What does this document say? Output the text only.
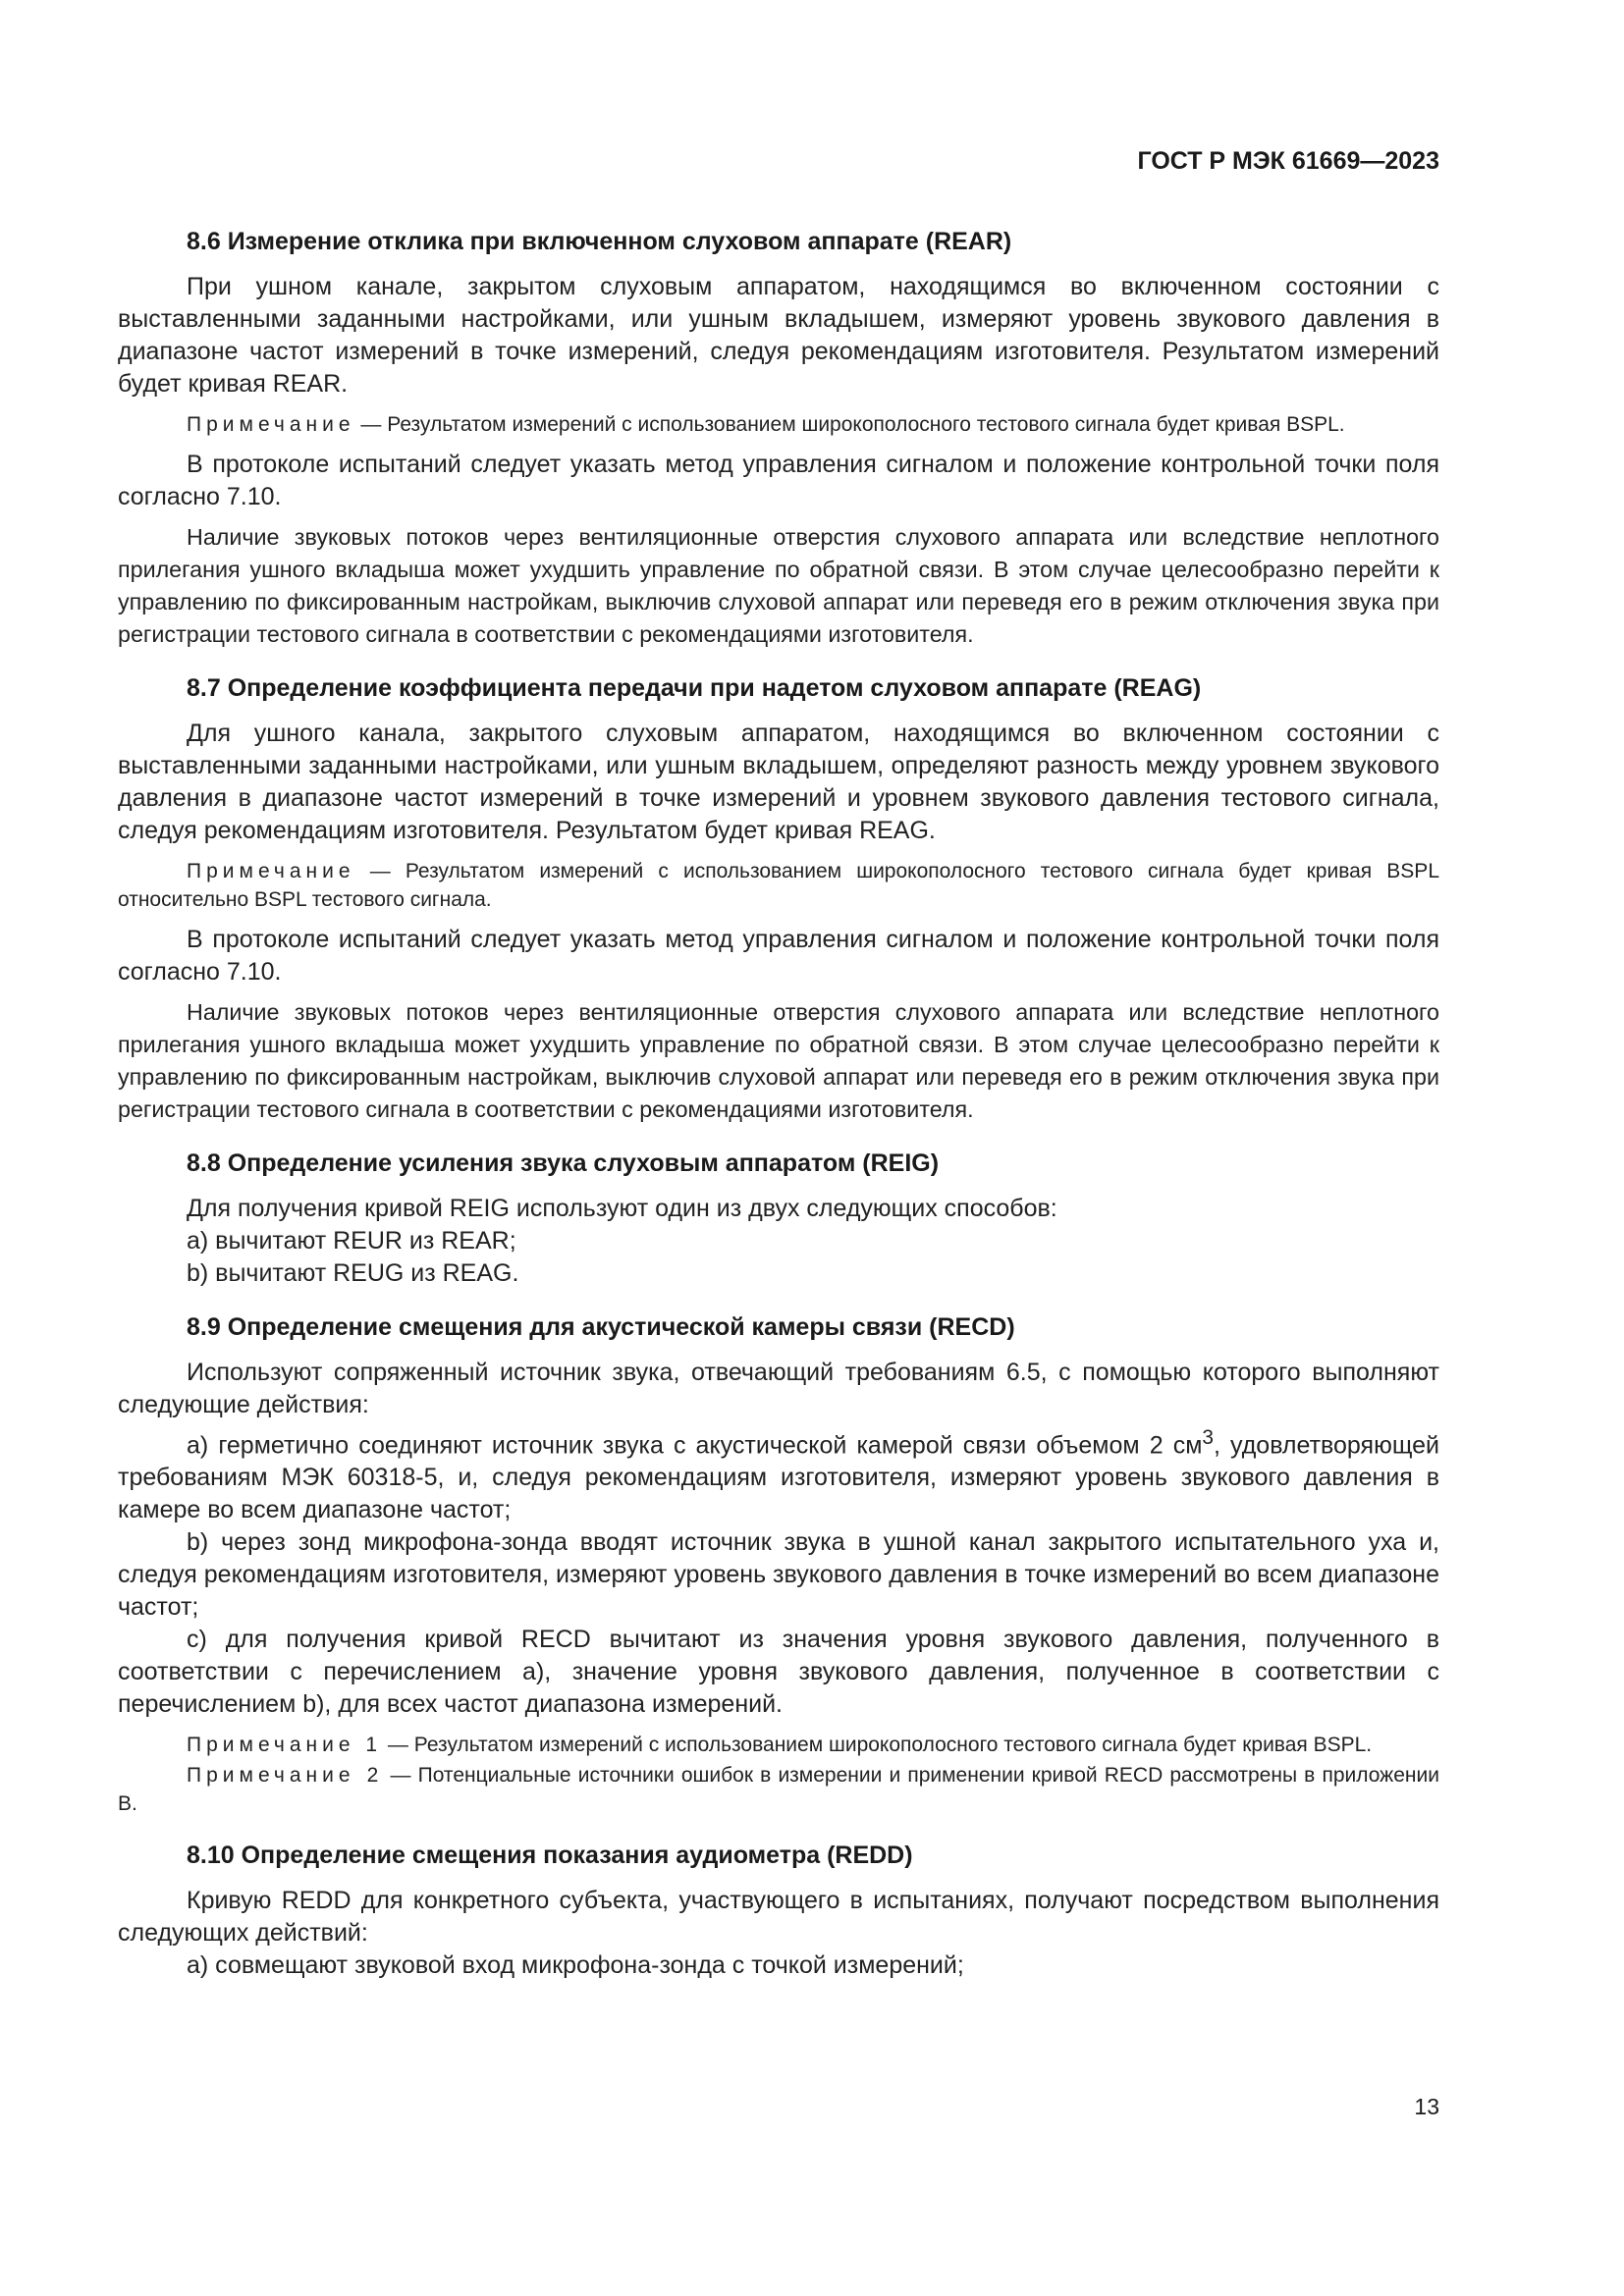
ГОСТ Р МЭК 61669—2023
8.6 Измерение отклика при включенном слуховом аппарате (REAR)

При ушном канале, закрытом слуховым аппаратом, находящимся во включенном состоянии с выставленными заданными настройками, или ушным вкладышем, измеряют уровень звукового давления в диапазоне частот измерений в точке измерений, следуя рекомендациям изготовителя. Результатом измерений будет кривая REAR.

Примечание — Результатом измерений с использованием широкополосного тестового сигнала будет кривая BSPL.

В протоколе испытаний следует указать метод управления сигналом и положение контрольной точки поля согласно 7.10.

Наличие звуковых потоков через вентиляционные отверстия слухового аппарата или вследствие неплотного прилегания ушного вкладыша может ухудшить управление по обратной связи. В этом случае целесообразно перейти к управлению по фиксированным настройкам, выключив слуховой аппарат или переведя его в режим отключения звука при регистрации тестового сигнала в соответствии с рекомендациями изготовителя.

8.7 Определение коэффициента передачи при надетом слуховом аппарате (REAG)

Для ушного канала, закрытого слуховым аппаратом, находящимся во включенном состоянии с выставленными заданными настройками, или ушным вкладышем, определяют разность между уровнем звукового давления в диапазоне частот измерений в точке измерений и уровнем звукового давления тестового сигнала, следуя рекомендациям изготовителя. Результатом будет кривая REAG.

Примечание — Результатом измерений с использованием широкополосного тестового сигнала будет кривая BSPL относительно BSPL тестового сигнала.

В протоколе испытаний следует указать метод управления сигналом и положение контрольной точки поля согласно 7.10.

Наличие звуковых потоков через вентиляционные отверстия слухового аппарата или вследствие неплотного прилегания ушного вкладыша может ухудшить управление по обратной связи. В этом случае целесообразно перейти к управлению по фиксированным настройкам, выключив слуховой аппарат или переведя его в режим отключения звука при регистрации тестового сигнала в соответствии с рекомендациями изготовителя.

8.8 Определение усиления звука слуховым аппаратом (REIG)

Для получения кривой REIG используют один из двух следующих способов:

a) вычитают REUR из REAR;

b) вычитают REUG из REAG.

8.9 Определение смещения для акустической камеры связи (RECD)

Используют сопряженный источник звука, отвечающий требованиям 6.5, с помощью которого выполняют следующие действия:

a) герметично соединяют источник звука с акустической камерой связи объемом 2 $см^3$, удовлетворяющей требованиям МЭК 60318-5, и, следуя рекомендациям изготовителя, измеряют уровень звукового давления в камере во всем диапазоне частот;

b) через зонд микрофона-зонда вводят источник звука в ушной канал закрытого испытательного уха и, следуя рекомендациям изготовителя, измеряют уровень звукового давления в точке измерений во всем диапазоне частот;

c) для получения кривой RECD вычитают из значения уровня звукового давления, полученного в соответствии с перечислением а), значение уровня звукового давления, полученное в соответствии с перечислением b), для всех частот диапазона измерений.

Примечание 1 — Результатом измерений с использованием широкополосного тестового сигнала будет кривая BSPL.
Примечание 2 — Потенциальные источники ошибок в измерении и применении кривой RECD рассмотрены в приложении B.
8.10 Определение смещения показания аудиометра (REDD)

Кривую REDD для конкретного субъекта, участвующего в испытаниях, получают посредством выполнения следующих действий:

a) совмещают звуковой вход микрофона-зонда с точкой измерений;

13
